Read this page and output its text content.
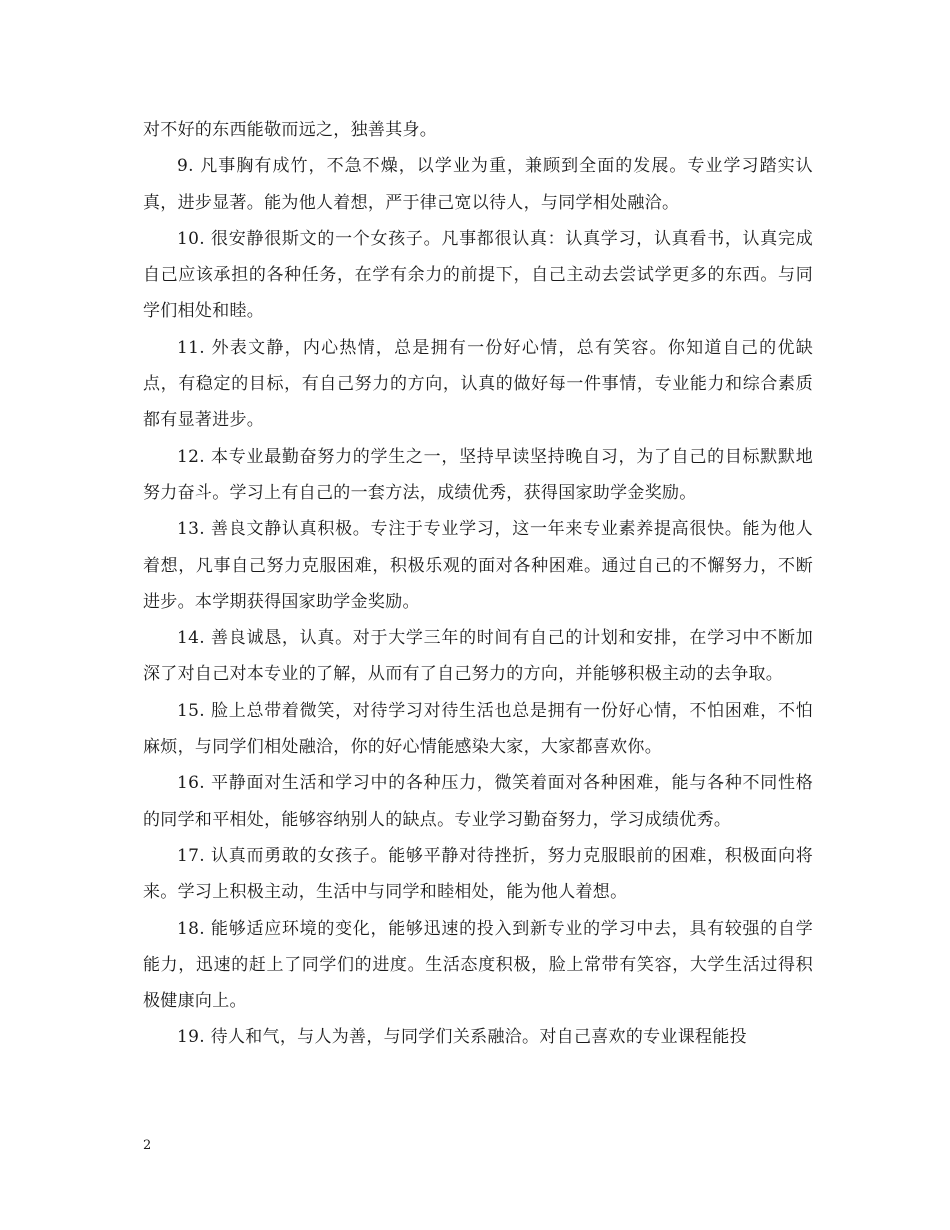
对不好的东西能敬而远之，独善其身。

9. 凡事胸有成竹，不急不燥，以学业为重，兼顾到全面的发展。专业学习踏实认真，进步显著。能为他人着想，严于律己宽以待人，与同学相处融洽。

10. 很安静很斯文的一个女孩子。凡事都很认真：认真学习，认真看书，认真完成自己应该承担的各种任务，在学有余力的前提下，自己主动去尝试学更多的东西。与同学们相处和睦。

11. 外表文静，内心热情，总是拥有一份好心情，总有笑容。你知道自己的优缺点，有稳定的目标，有自己努力的方向，认真的做好每一件事情，专业能力和综合素质都有显著进步。

12. 本专业最勤奋努力的学生之一，坚持早读坚持晚自习，为了自己的目标默默地努力奋斗。学习上有自己的一套方法，成绩优秀，获得国家助学金奖励。

13. 善良文静认真积极。专注于专业学习，这一年来专业素养提高很快。能为他人着想，凡事自己努力克服困难，积极乐观的面对各种困难。通过自己的不懈努力，不断进步。本学期获得国家助学金奖励。

14. 善良诚恳，认真。对于大学三年的时间有自己的计划和安排，在学习中不断加深了对自己对本专业的了解，从而有了自己努力的方向，并能够积极主动的去争取。

15. 脸上总带着微笑，对待学习对待生活也总是拥有一份好心情，不怕困难，不怕麻烦，与同学们相处融洽，你的好心情能感染大家，大家都喜欢你。

16. 平静面对生活和学习中的各种压力，微笑着面对各种困难，能与各种不同性格的同学和平相处，能够容纳别人的缺点。专业学习勤奋努力，学习成绩优秀。

17. 认真而勇敢的女孩子。能够平静对待挫折，努力克服眼前的困难，积极面向将来。学习上积极主动，生活中与同学和睦相处，能为他人着想。

18. 能够适应环境的变化，能够迅速的投入到新专业的学习中去，具有较强的自学能力，迅速的赶上了同学们的进度。生活态度积极，脸上常带有笑容，大学生活过得积极健康向上。

19. 待人和气，与人为善，与同学们关系融洽。对自己喜欢的专业课程能投

2
